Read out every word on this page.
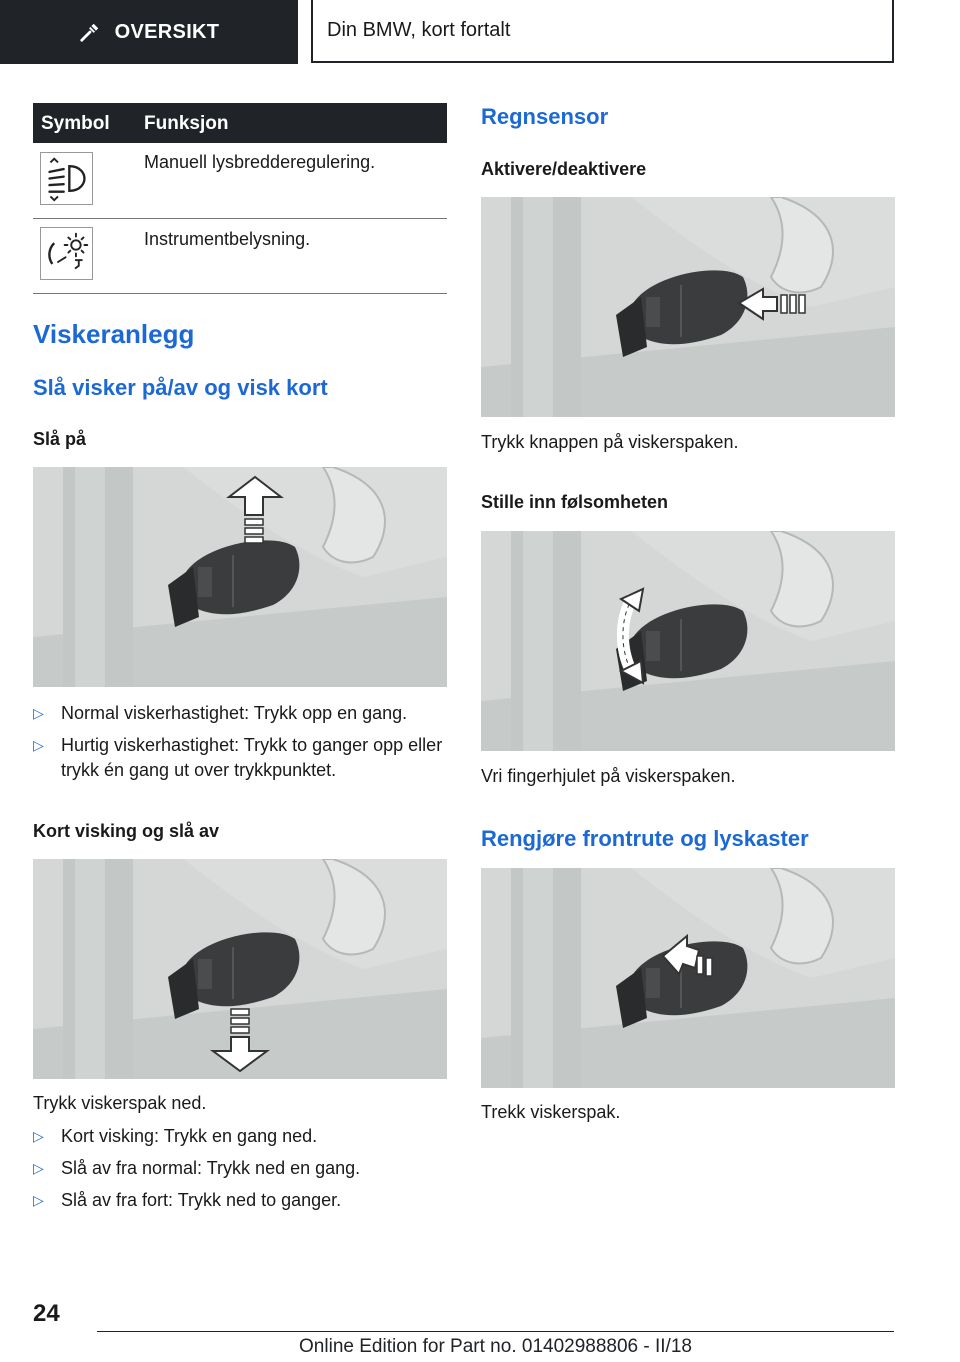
OVERSIKT	Din BMW, kort fortalt
Symbol Funksjon
Manuell lysbredderegulering.
Instrumentbelysning.
Viskeranlegg
Slå visker på/av og visk kort
Slå på
▷ Normal viskerhastighet: Trykk opp en gang.
▷ Hurtig viskerhastighet: Trykk to ganger opp eller trykk én gang ut over trykkpunktet.
Kort visking og slå av
Trykk viskerspak ned.
▷ Kort visking: Trykk en gang ned.
▷ Slå av fra normal: Trykk ned en gang.
▷ Slå av fra fort: Trykk ned to ganger.
Regnsensor
Aktivere/deaktivere
Trykk knappen på viskerspaken.
Stille inn følsomheten
Vri fingerhjulet på viskerspaken.
Rengjøre frontrute og lyskaster
Trekk viskerspak.
24
Online Edition for Part no. 01402988806 - II/18
